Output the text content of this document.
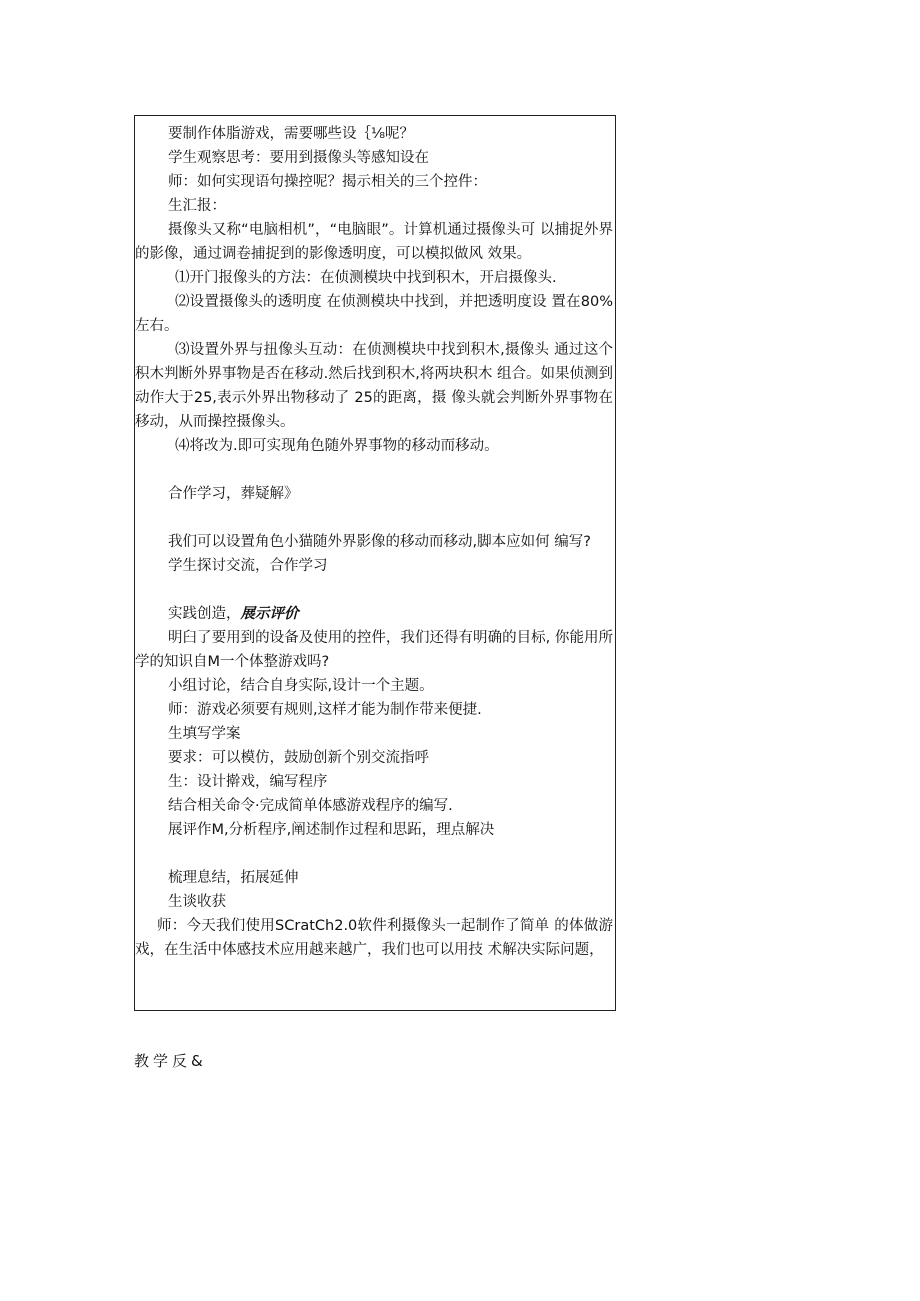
要制作体脂游戏，需要哪些设｛⅛呢？

学生观察思考：要用到摄像头等感知设在

师：如何实现语句操控呢？揭示相关的三个控件：

生汇报：

摄像头又称“电脑相机”，“电脑眼”。计算机通过摄像头可 以捕捉外界的影像，通过调卷捕捉到的影像透明度，可以模拟做风 效果。

⑴开门报像头的方法：在侦测模块中找到积木，开启摄像头.

⑵设置摄像头的透明度 在侦测模块中找到，并把透明度设 置在80%左右。

⑶设置外界与扭像头互动：在侦测模块中找到积木,摄像头 通过这个积木判断外界事物是否在移动.然后找到积木,将两块积木 组合。如果侦测到动作大于25,表示外界出物移动了 25的距离，摄 像头就会判断外界事物在移动，从而操控摄像头。

⑷将改为.即可实现角色随外界事物的移动而移动。

合作学习，葬疑解》

我们可以设置角色小猫随外界影像的移动而移动,脚本应如何 编写?

学生探讨交流，合作学习

实践创造，展示评价

明臼了要用到的设备及使用的控件，我们还得有明确的目标, 你能用所学的知识自M一个体整游戏吗?

小组讨论，结合自身实际,设计一个主题。

师：游戏必须要有规则,这样才能为制作带来便捷.

生填写学案

要求：可以模仿，鼓励创新个别交流指呼

生：设计擀戏，编写程序

结合相关命令·完成简单体感游戏程序的编写.

展评作M,分析程序,阐述制作过程和思跖，理点解决

梳理息结，拓展延伸

生谈收获

师：今天我们使用SCratCh2.0软件利摄像头一起制作了简单 的体做游戏，在生活中体感技术应用越来越广，我们也可以用技 术解决实际问题，

教学反&
